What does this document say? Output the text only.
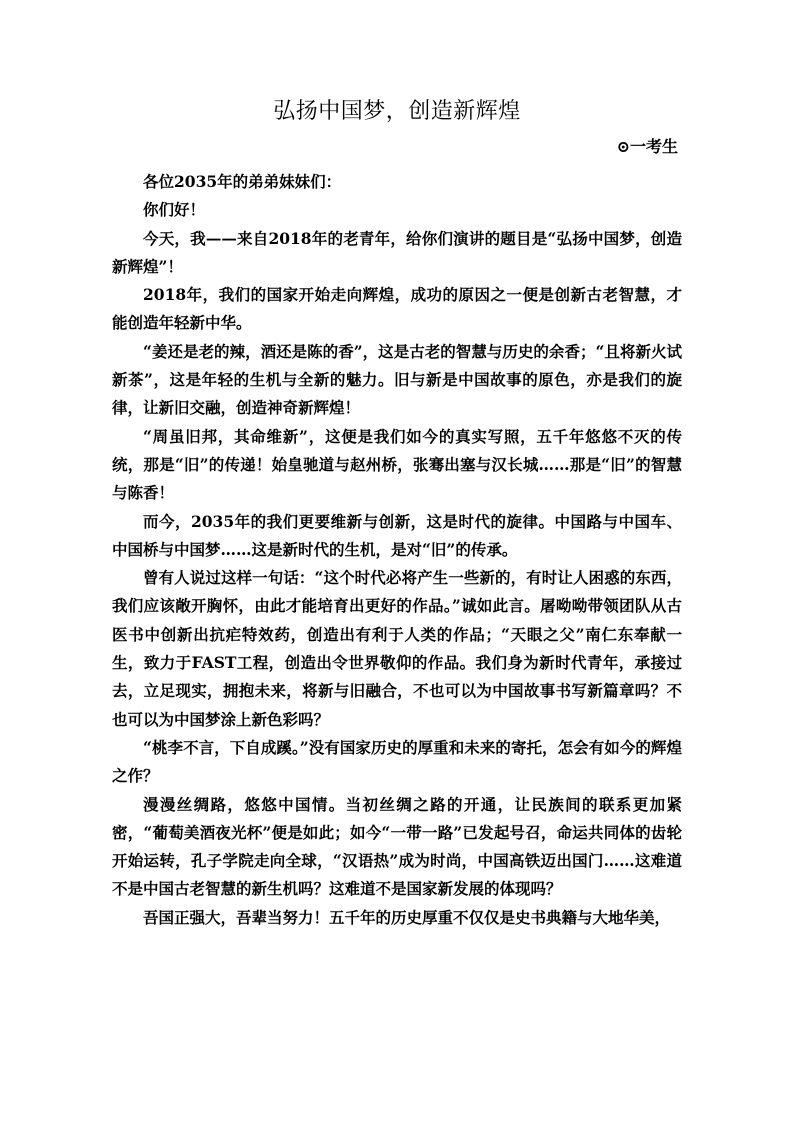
弘扬中国梦，创造新辉煌
⊙一考生

各位2035年的弟弟妹妹们：

你们好！

今天，我——来自2018年的老青年，给你们演讲的题目是“弘扬中国梦，创造新辉煌”！

2018年，我们的国家开始走向辉煌，成功的原因之一便是创新古老智慧，才能创造年轻新中华。

“姜还是老的辣，酒还是陈的香”，这是古老的智慧与历史的余香；“且将新火试新茶”，这是年轻的生机与全新的魅力。旧与新是中国故事的原色，亦是我们的旋律，让新旧交融，创造神奇新辉煌！

“周虽旧邦，其命维新”，这便是我们如今的真实写照，五千年悠悠不灭的传统，那是“旧”的传递！始皇驰道与赵州桥，张骞出塞与汉长城……那是“旧”的智慧与陈香！

而今，2035年的我们更要维新与创新，这是时代的旋律。中国路与中国车、中国桥与中国梦……这是新时代的生机，是对“旧”的传承。

曾有人说过这样一句话：“这个时代必将产生一些新的，有时让人困惑的东西，我们应该敞开胸怀，由此才能培育出更好的作品。”诚如此言。屠呦呦带领团队从古医书中创新出抗疟特效药，创造出有利于人类的作品；“天眼之父”南仁东奉献一生，致力于FAST工程，创造出令世界敬仰的作品。我们身为新时代青年，承接过去，立足现实，拥抱未来，将新与旧融合，不也可以为中国故事书写新篇章吗？不也可以为中国梦涂上新色彩吗？

“桃李不言，下自成蹊。”没有国家历史的厚重和未来的寄托，怎会有如今的辉煌之作？

漫漫丝绸路，悠悠中国情。当初丝绸之路的开通，让民族间的联系更加紧密，“葡萄美酒夜光杯”便是如此；如今“一带一路”已发起号召，命运共同体的齿轮开始运转，孔子学院走向全球，“汉语热”成为时尚，中国高铁迈出国门……这难道不是中国古老智慧的新生机吗？这难道不是国家新发展的体现吗？

吾国正强大，吾辈当努力！五千年的历史厚重不仅仅是史书典籍与大地华美，
